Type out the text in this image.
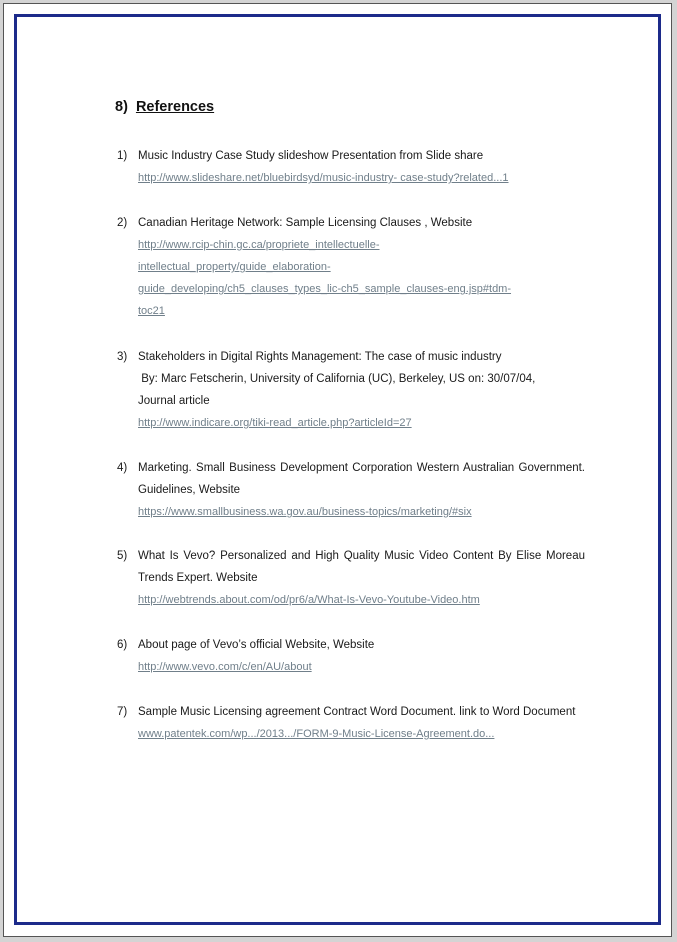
8) References
1) Music Industry Case Study slideshow Presentation from Slide share
http://www.slideshare.net/bluebirdsyd/music-industry- case-study?related...1
2) Canadian Heritage Network: Sample Licensing Clauses , Website
http://www.rcip-chin.gc.ca/propriete_intellectuelle-
intellectual_property/guide_elaboration-
guide_developing/ch5_clauses_types_lic-ch5_sample_clauses-eng.jsp#tdm-
toc21
3) Stakeholders in Digital Rights Management: The case of music industry
By: Marc Fetscherin, University of California (UC), Berkeley, US on: 30/07/04,
Journal article
http://www.indicare.org/tiki-read_article.php?articleId=27
4) Marketing. Small Business Development Corporation Western Australian Government. Guidelines, Website
https://www.smallbusiness.wa.gov.au/business-topics/marketing/#six
5) What Is Vevo? Personalized and High Quality Music Video Content By Elise Moreau Trends Expert. Website
http://webtrends.about.com/od/pr6/a/What-Is-Vevo-Youtube-Video.htm
6) About page of Vevo’s official Website, Website
http://www.vevo.com/c/en/AU/about
7) Sample Music Licensing agreement Contract Word Document. link to Word Document
www.patentek.com/wp.../2013.../FORM-9-Music-License-Agreement.do...
